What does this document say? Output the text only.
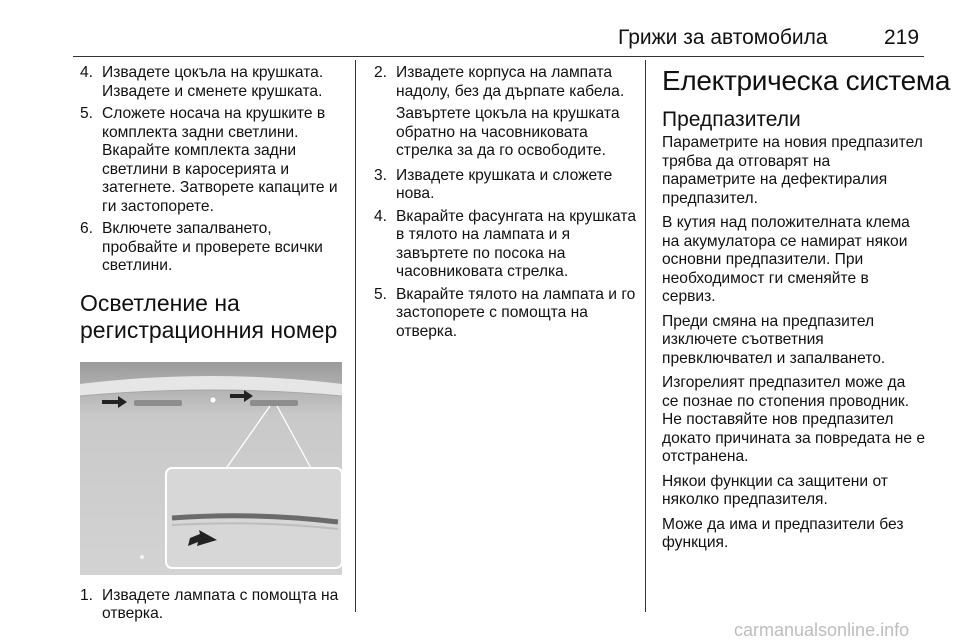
Грижи за автомобила	219
4. Извадете цокъла на крушката. Извадете и сменете крушката.
5. Сложете носача на крушките в комплекта задни светлини. Вкарайте комплекта задни светлини в каросерията и затегнете. Затворете капаците и ги застопорете.
6. Включете запалването, пробвайте и проверете всички светлини.
Осветление на регистрационния номер
1. Извадете лампата с помощта на отверка.
2. Извадете корпуса на лампата надолу, без да дърпате кабела.
Завъртете цокъла на крушката обратно на часовниковата стрелка за да го освободите.
3. Извадете крушката и сложете нова.
4. Вкарайте фасунгата на крушката в тялото на лампата и я завъртете по посока на часовниковата стрелка.
5. Вкарайте тялото на лампата и го застопорете с помощта на отверка.
Електрическа система
Предпазители
Параметрите на новия предпазител трябва да отговарят на параметрите на дефектиралия предпазител.
В кутия над положителната клема на акумулатора се намират някои основни предпазители. При необходимост ги сменяйте в сервиз.
Преди смяна на предпазител изключете съответния превключвател и запалването.
Изгорелият предпазител може да се познае по стопения проводник. Не поставяйте нов предпазител докато причината за повредата не е отстранена.
Някои функции са защитени от няколко предпазителя.
Може да има и предпазители без функция.
carmanualsonline.info
